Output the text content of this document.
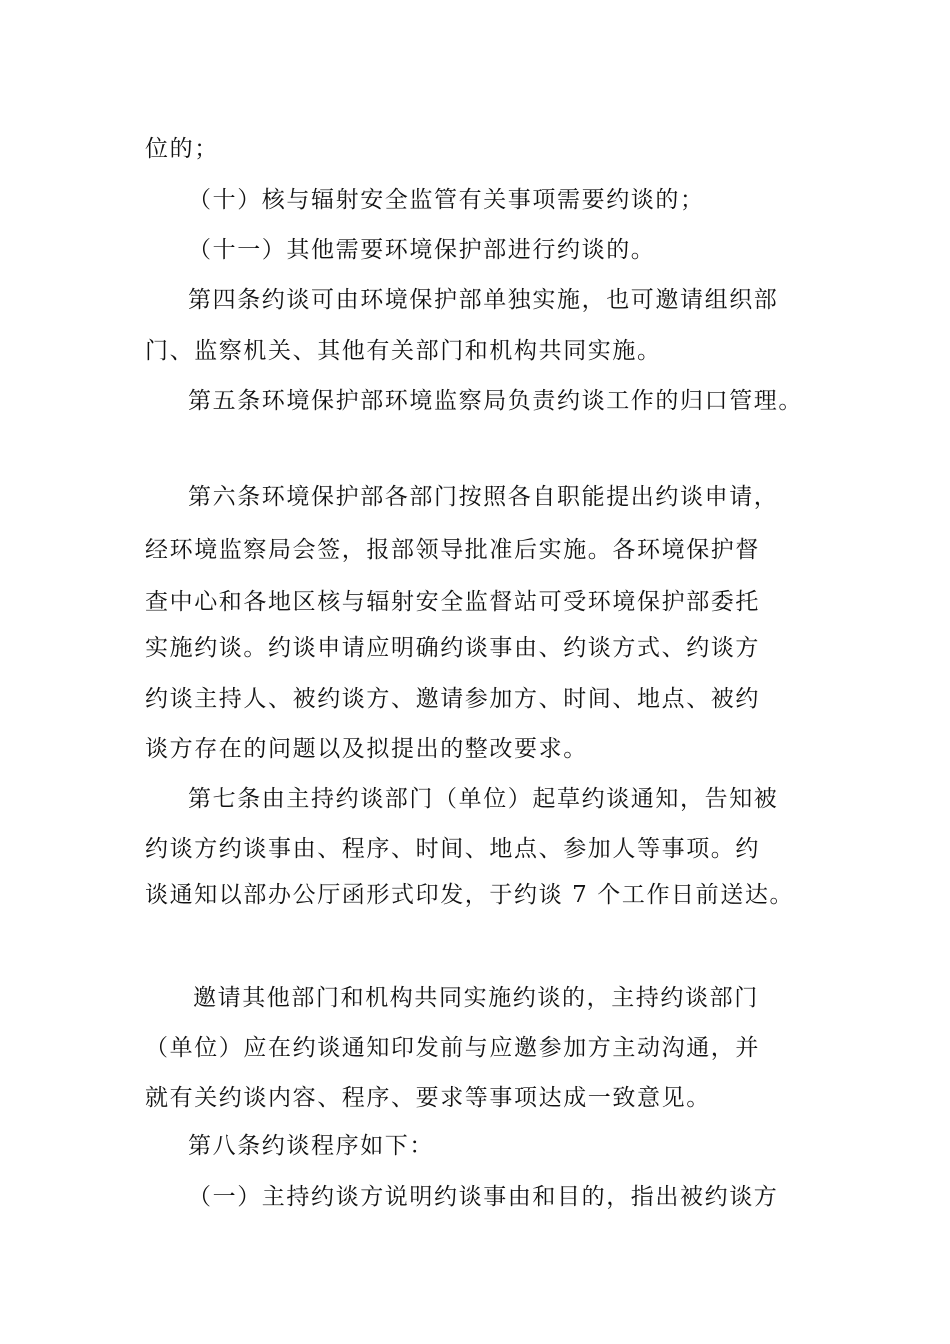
位的；
（十）核与辐射安全监管有关事项需要约谈的；
（十一）其他需要环境保护部进行约谈的。
第四条约谈可由环境保护部单独实施，也可邀请组织部
门、监察机关、其他有关部门和机构共同实施。
第五条环境保护部环境监察局负责约谈工作的归口管理。
第六条环境保护部各部门按照各自职能提出约谈申请，
经环境监察局会签，报部领导批准后实施。各环境保护督
查中心和各地区核与辐射安全监督站可受环境保护部委托
实施约谈。约谈申请应明确约谈事由、约谈方式、约谈方
约谈主持人、被约谈方、邀请参加方、时间、地点、被约
谈方存在的问题以及拟提出的整改要求。
第七条由主持约谈部门（单位）起草约谈通知，告知被
约谈方约谈事由、程序、时间、地点、参加人等事项。约
谈通知以部办公厅函形式印发，于约谈 7 个工作日前送达。
邀请其他部门和机构共同实施约谈的，主持约谈部门
（单位）应在约谈通知印发前与应邀参加方主动沟通，并
就有关约谈内容、程序、要求等事项达成一致意见。
第八条约谈程序如下：
（一）主持约谈方说明约谈事由和目的，指出被约谈方
